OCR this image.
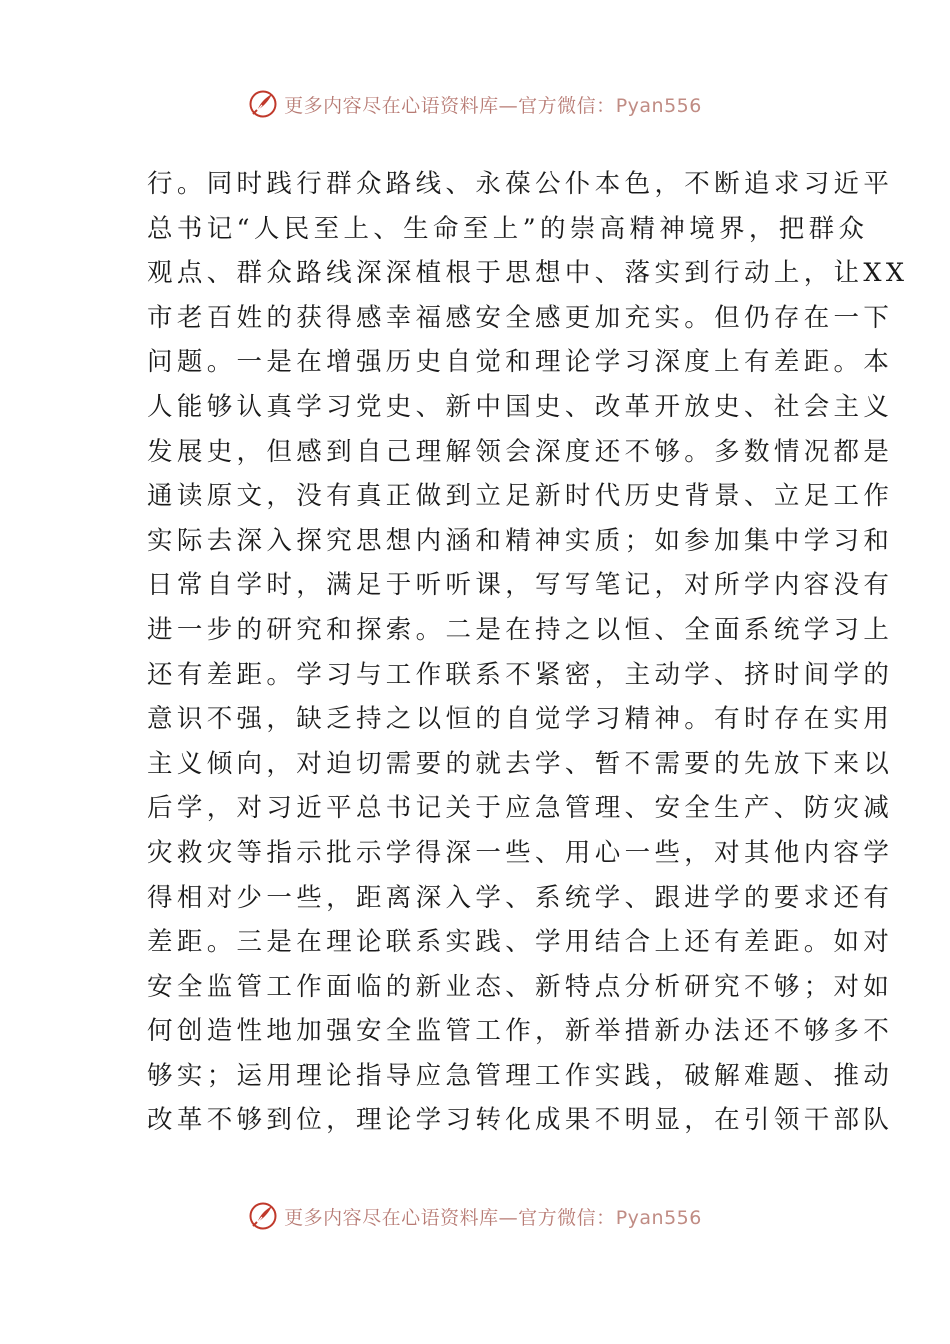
更多内容尽在心语资料库—官方微信：Pyan556
行。同时践行群众路线、永葆公仆本色，不断追求习近平
总书记“人民至上、生命至上”的崇高精神境界，把群众
观点、群众路线深深植根于思想中、落实到行动上，让XX
市老百姓的获得感幸福感安全感更加充实。但仍存在一下
问题。一是在增强历史自觉和理论学习深度上有差距。本
人能够认真学习党史、新中国史、改革开放史、社会主义
发展史，但感到自己理解领会深度还不够。多数情况都是
通读原文，没有真正做到立足新时代历史背景、立足工作
实际去深入探究思想内涵和精神实质；如参加集中学习和
日常自学时，满足于听听课，写写笔记，对所学内容没有
进一步的研究和探索。二是在持之以恒、全面系统学习上
还有差距。学习与工作联系不紧密，主动学、挤时间学的
意识不强，缺乏持之以恒的自觉学习精神。有时存在实用
主义倾向，对迫切需要的就去学、暂不需要的先放下来以
后学，对习近平总书记关于应急管理、安全生产、防灾减
灾救灾等指示批示学得深一些、用心一些，对其他内容学
得相对少一些，距离深入学、系统学、跟进学的要求还有
差距。三是在理论联系实践、学用结合上还有差距。如对
安全监管工作面临的新业态、新特点分析研究不够；对如
何创造性地加强安全监管工作，新举措新办法还不够多不
够实；运用理论指导应急管理工作实践，破解难题、推动
改革不够到位，理论学习转化成果不明显，在引领干部队
更多内容尽在心语资料库—官方微信：Pyan556
